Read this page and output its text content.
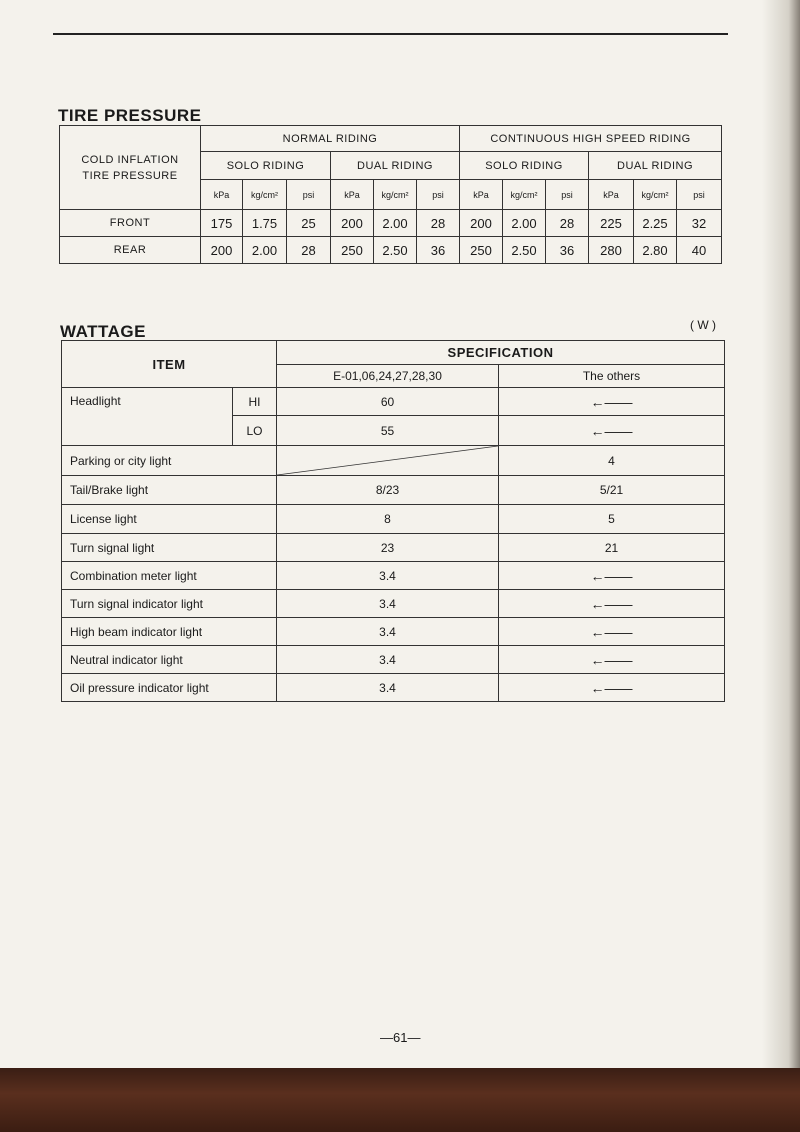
TIRE PRESSURE
COLD INFLATION
TIRE PRESSURE	NORMAL RIDING						CONTINUOUS HIGH SPEED RIDING					
	SOLO RIDING			DUAL RIDING			SOLO RIDING			DUAL RIDING		
	kPa	kg/cm²	psi	kPa	kg/cm²	psi	kPa	kg/cm²	psi	kPa	kg/cm²	psi
FRONT	175	1.75	25	200	2.00	28	200	2.00	28	225	2.25	32
REAR	200	2.00	28	250	2.50	36	250	2.50	36	280	2.80	40
WATTAGE	( W )
ITEM		SPECIFICATION	
		E-01,06,24,27,28,30	The others
Headlight	HI	60	←——
	LO	55	←——
Parking or city light			4
Tail/Brake light		8/23	5/21
License light		8	5
Turn signal light		23	21
Combination meter light		3.4	←——
Turn signal indicator light		3.4	←——
High beam indicator light		3.4	←——
Neutral indicator light		3.4	←——
Oil pressure indicator light		3.4	←——
—61—
